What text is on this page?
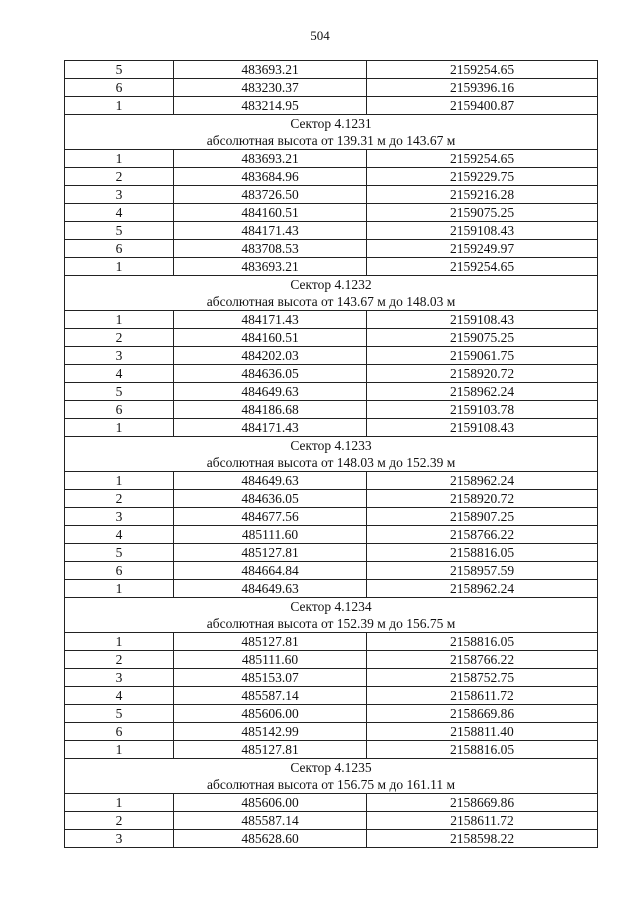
504
5	483693.21	2159254.65
6	483230.37	2159396.16
1	483214.95	2159400.87

Сектор 4.1231
абсолютная высота от 139.31 м до 143.67 м		

1	483693.21	2159254.65
2	483684.96	2159229.75
3	483726.50	2159216.28
4	484160.51	2159075.25
5	484171.43	2159108.43
6	483708.53	2159249.97
1	483693.21	2159254.65

Сектор 4.1232
абсолютная высота от 143.67 м до 148.03 м		

1	484171.43	2159108.43
2	484160.51	2159075.25
3	484202.03	2159061.75
4	484636.05	2158920.72
5	484649.63	2158962.24
6	484186.68	2159103.78
1	484171.43	2159108.43

Сектор 4.1233
абсолютная высота от 148.03 м до 152.39 м		

1	484649.63	2158962.24
2	484636.05	2158920.72
3	484677.56	2158907.25
4	485111.60	2158766.22
5	485127.81	2158816.05
6	484664.84	2158957.59
1	484649.63	2158962.24

Сектор 4.1234
абсолютная высота от 152.39 м до 156.75 м		

1	485127.81	2158816.05
2	485111.60	2158766.22
3	485153.07	2158752.75
4	485587.14	2158611.72
5	485606.00	2158669.86
6	485142.99	2158811.40
1	485127.81	2158816.05

Сектор 4.1235
абсолютная высота от 156.75 м до 161.11 м		

1	485606.00	2158669.86
2	485587.14	2158611.72
3	485628.60	2158598.22
